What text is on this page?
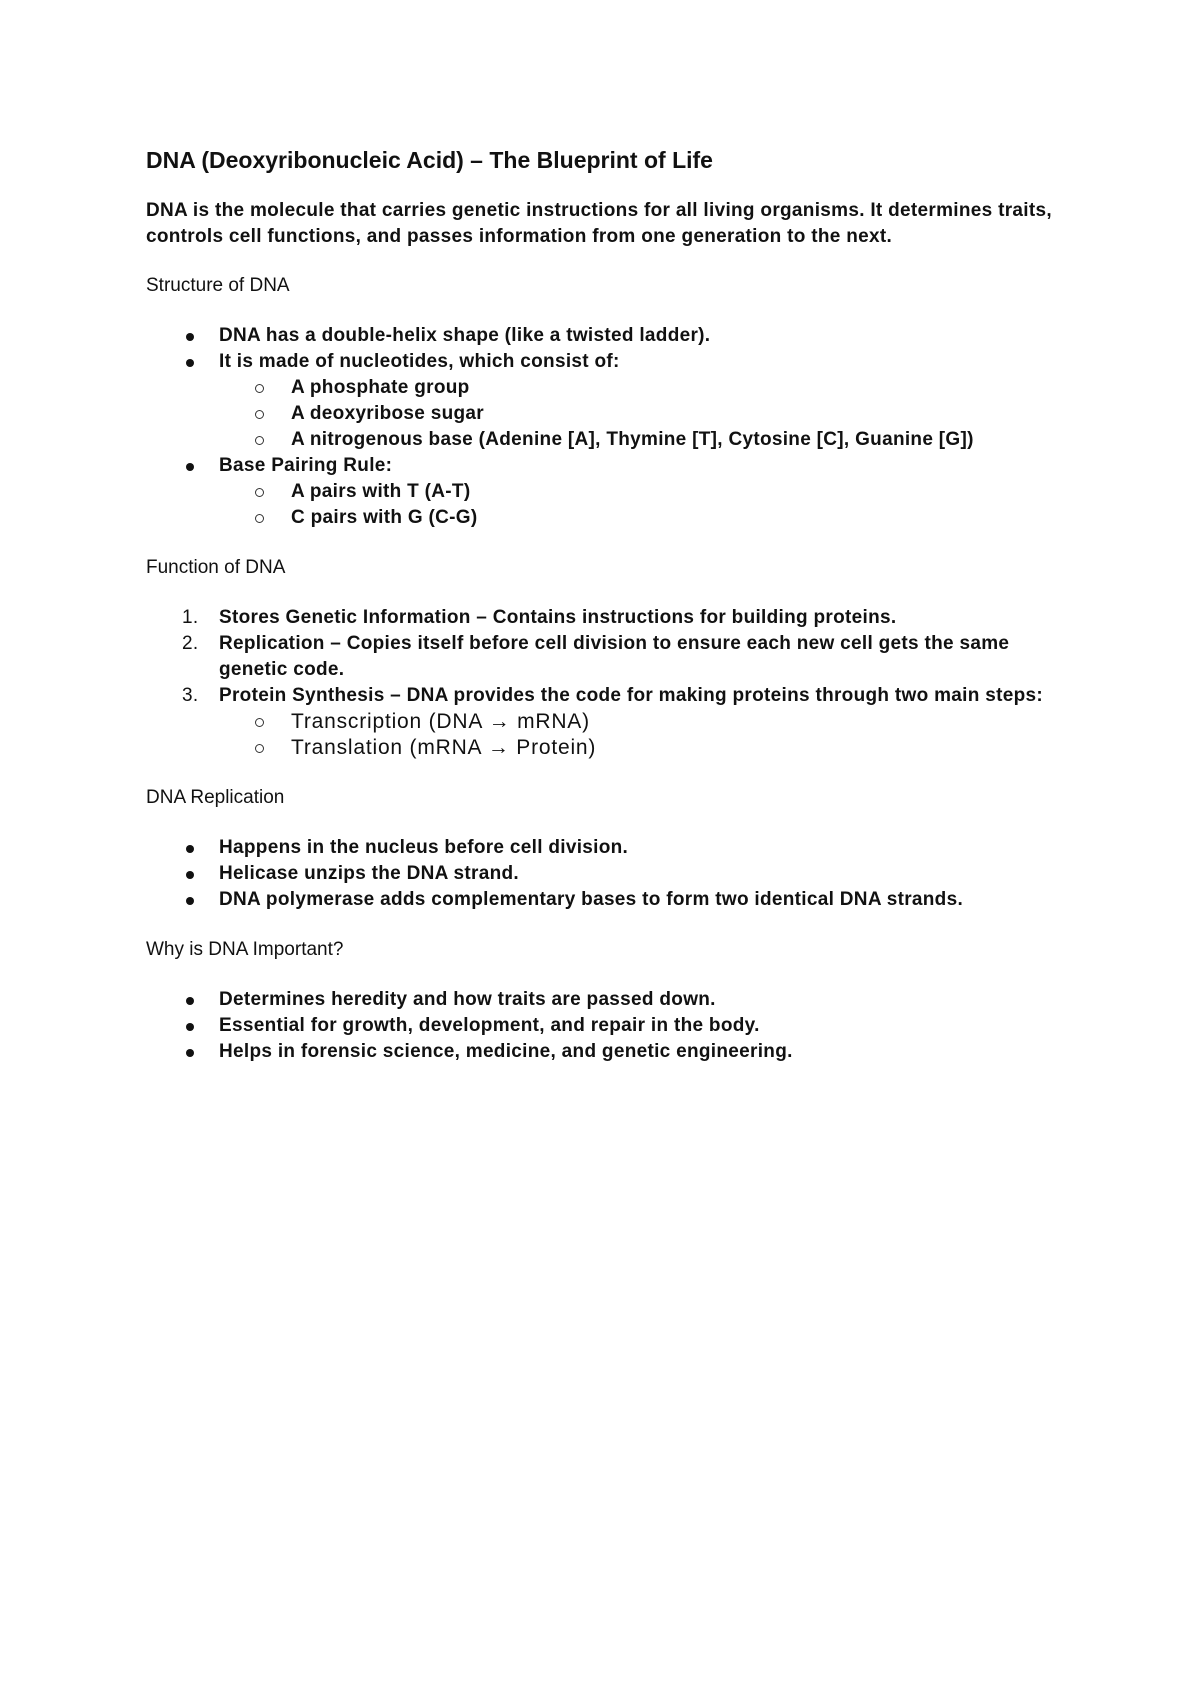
DNA (Deoxyribonucleic Acid) – The Blueprint of Life

DNA is the molecule that carries genetic instructions for all living organisms. It determines traits, controls cell functions, and passes information from one generation to the next.

Structure of DNA
DNA has a double-helix shape (like a twisted ladder).
It is made of nucleotides, which consist of:
A phosphate group
A deoxyribose sugar
A nitrogenous base (Adenine [A], Thymine [T], Cytosine [C], Guanine [G])
Base Pairing Rule:
A pairs with T (A-T)
C pairs with G (C-G)
Function of DNA
1. Stores Genetic Information – Contains instructions for building proteins.
2. Replication – Copies itself before cell division to ensure each new cell gets the same genetic code.
3. Protein Synthesis – DNA provides the code for making proteins through two main steps:
Transcription (DNA → mRNA)
Translation (mRNA → Protein)
DNA Replication
Happens in the nucleus before cell division.
Helicase unzips the DNA strand.
DNA polymerase adds complementary bases to form two identical DNA strands.
Why is DNA Important?
Determines heredity and how traits are passed down.
Essential for growth, development, and repair in the body.
Helps in forensic science, medicine, and genetic engineering.
